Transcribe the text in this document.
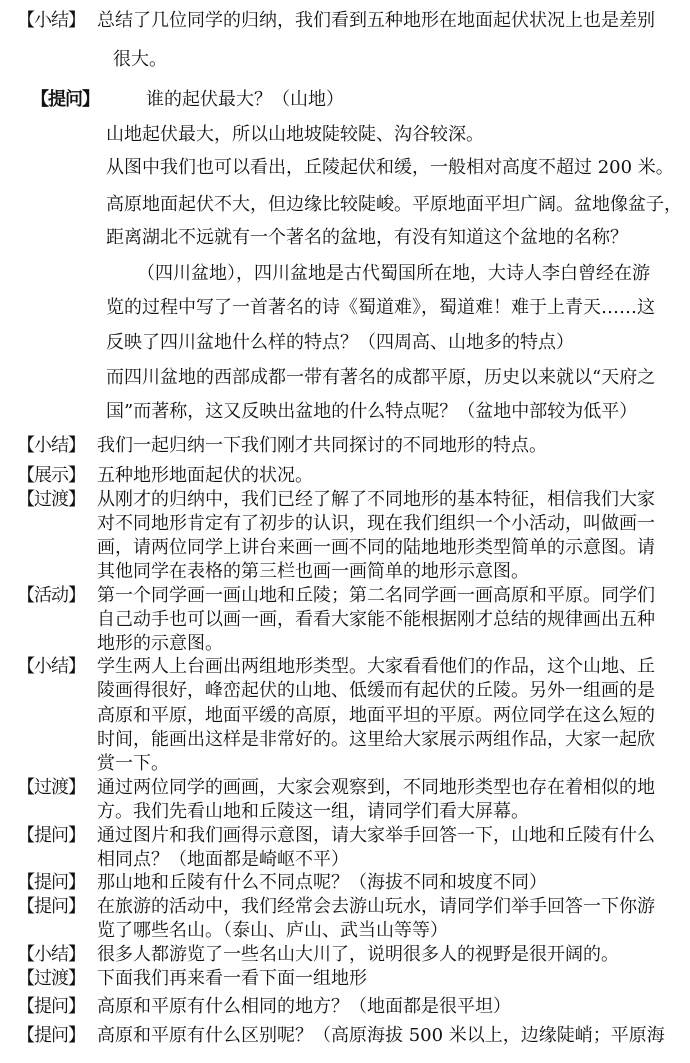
【小结】 总结了几位同学的归纳，我们看到五种地形在地面起伏状况上也是差别
很大。
【提问】	谁的起伏最大？（山地）
山地起伏最大，所以山地坡陡较陡、沟谷较深。
从图中我们也可以看出，丘陵起伏和缓，一般相对高度不超过 200 米。
高原地面起伏不大，但边缘比较陡峻。平原地面平坦广阔。盆地像盆子，
距离湖北不远就有一个著名的盆地，有没有知道这个盆地的名称？
（四川盆地），四川盆地是古代蜀国所在地，大诗人李白曾经在游
览的过程中写了一首著名的诗《蜀道难》，蜀道难！难于上青天……这
反映了四川盆地什么样的特点？（四周高、山地多的特点）
而四川盆地的西部成都一带有著名的成都平原，历史以来就以“天府之
国”而著称，这又反映出盆地的什么特点呢？（盆地中部较为低平）
【小结】 我们一起归纳一下我们刚才共同探讨的不同地形的特点。
【展示】 五种地形地面起伏的状况。
【过渡】 从刚才的归纳中，我们已经了解了不同地形的基本特征，相信我们大家
对不同地形肯定有了初步的认识，现在我们组织一个小活动，叫做画一
画，请两位同学上讲台来画一画不同的陆地地形类型简单的示意图。请
其他同学在表格的第三栏也画一画简单的地形示意图。
【活动】 第一个同学画一画山地和丘陵；第二名同学画一画高原和平原。同学们
自己动手也可以画一画，看看大家能不能根据刚才总结的规律画出五种
地形的示意图。
【小结】 学生两人上台画出两组地形类型。大家看看他们的作品，这个山地、丘
陵画得很好，峰峦起伏的山地、低缓而有起伏的丘陵。另外一组画的是
高原和平原，地面平缓的高原，地面平坦的平原。两位同学在这么短的
时间，能画出这样是非常好的。这里给大家展示两组作品，大家一起欣
赏一下。
【过渡】 通过两位同学的画画，大家会观察到，不同地形类型也存在着相似的地
方。我们先看山地和丘陵这一组，请同学们看大屏幕。
【提问】 通过图片和我们画得示意图，请大家举手回答一下，山地和丘陵有什么
相同点？（地面都是崎岖不平）
【提问】 那山地和丘陵有什么不同点呢？（海拔不同和坡度不同）
【提问】 在旅游的活动中，我们经常会去游山玩水，请同学们举手回答一下你游
览了哪些名山。（泰山、庐山、武当山等等）
【小结】 很多人都游览了一些名山大川了，说明很多人的视野是很开阔的。
【过渡】 下面我们再来看一看下面一组地形
【提问】 高原和平原有什么相同的地方？（地面都是很平坦）
【提问】 高原和平原有什么区别呢？（高原海拔 500 米以上，边缘陡峭；平原海
